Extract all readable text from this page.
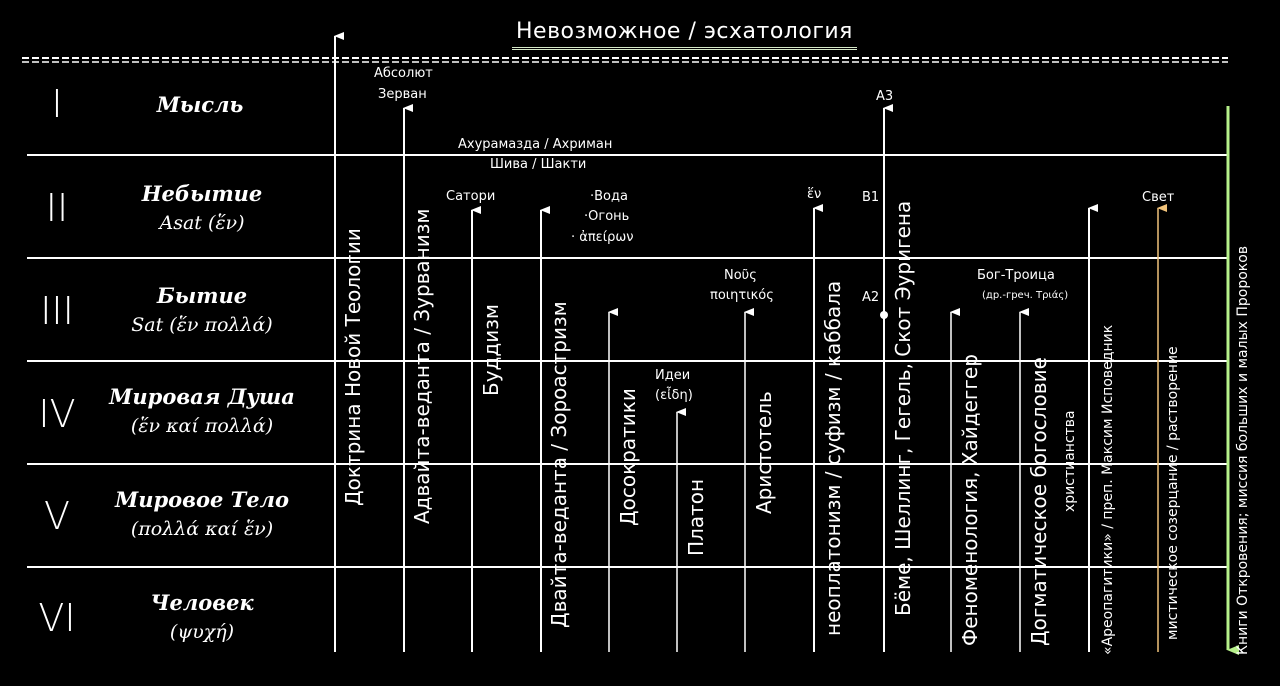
Невозможное / эсхатология
I	Мысль
II	Небытие
Asat (ἕν)
III	Бытие
Sat (ἕν πολλά)
IV	Мировая Душа
(ἕν καί πολλά)
V	Мировое Тело
(πολλά καί ἕν)
VI	Человек
(ψυχή)
Доктрина Новой Теологии Адвайта-веданта / Зурванизм Буддизм Двайта-веданта / Зороастризм Досократики Платон
Аристотель неоплатонизм / суфизм / каббала Бёме, Шеллинг, Гегель, Скот Эуригена Феноменология, Хайдеггер Догматическое богословие христианства «Ареопагитики» / преп. Максим Исповедник	мистическое созерцание / растворение	Книги Откровения; миссия больших и малых Пророков
Абсолют
Зерван
Ахурамазда / Ахриман
Шива / Шакти
Сатори	·Вода
·Огонь
· ἀπείρων
Νοῦς
ποιητικός
Идеи
(εἶδη)
ἕν
А3
В1
А2
Бог-Троица
(др.-греч. Τριάς)
Свет
